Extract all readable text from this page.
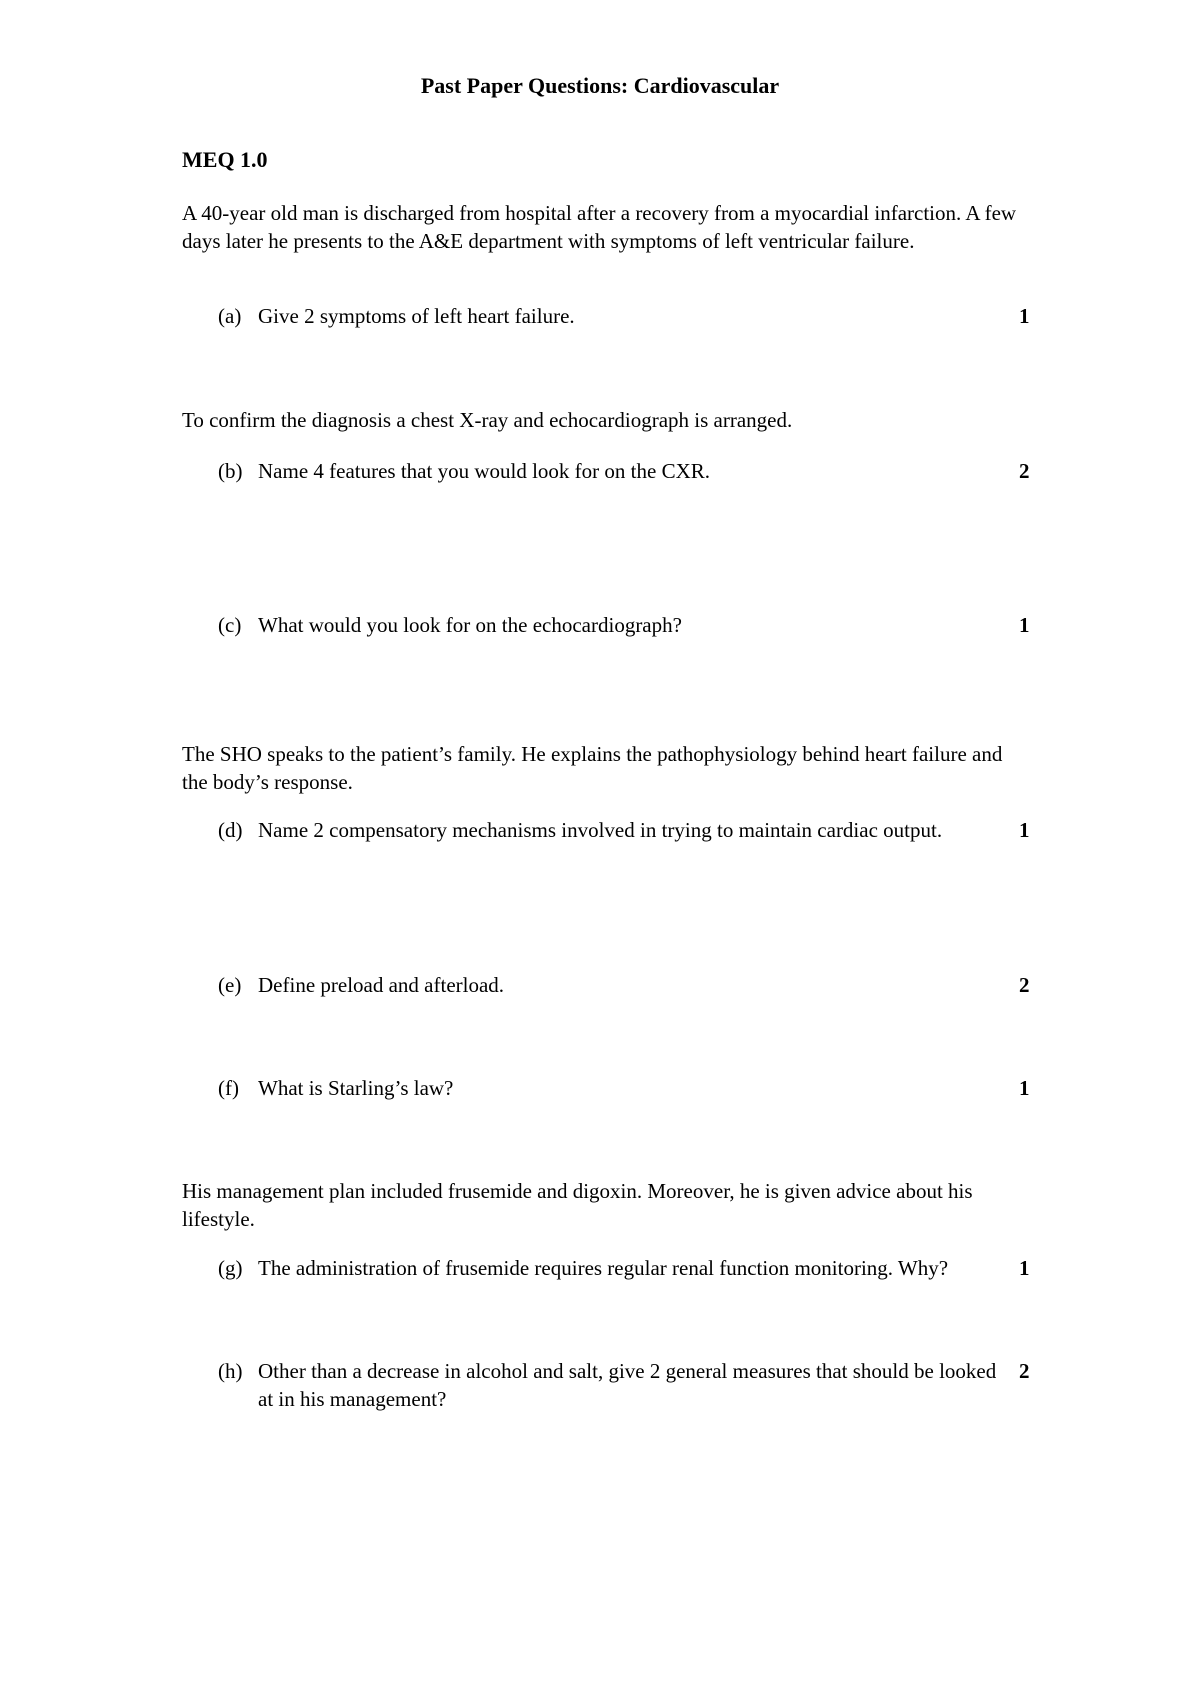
Past Paper Questions: Cardiovascular
MEQ 1.0
A 40-year old man is discharged from hospital after a recovery from a myocardial infarction. A few days later he presents to the A&E department with symptoms of left ventricular failure.
(a) Give 2 symptoms of left heart failure.	1
To confirm the diagnosis a chest X-ray and echocardiograph is arranged.
(b) Name 4 features that you would look for on the CXR.	2
(c) What would you look for on the echocardiograph?	1
The SHO speaks to the patient’s family. He explains the pathophysiology behind heart failure and the body’s response.
(d) Name 2 compensatory mechanisms involved in trying to maintain cardiac output.	1
(e) Define preload and afterload.	2
(f) What is Starling’s law?	1
His management plan included frusemide and digoxin. Moreover, he is given advice about his lifestyle.
(g) The administration of frusemide requires regular renal function monitoring. Why?	1
(h) Other than a decrease in alcohol and salt, give 2 general measures that should be looked at in his management?
2
